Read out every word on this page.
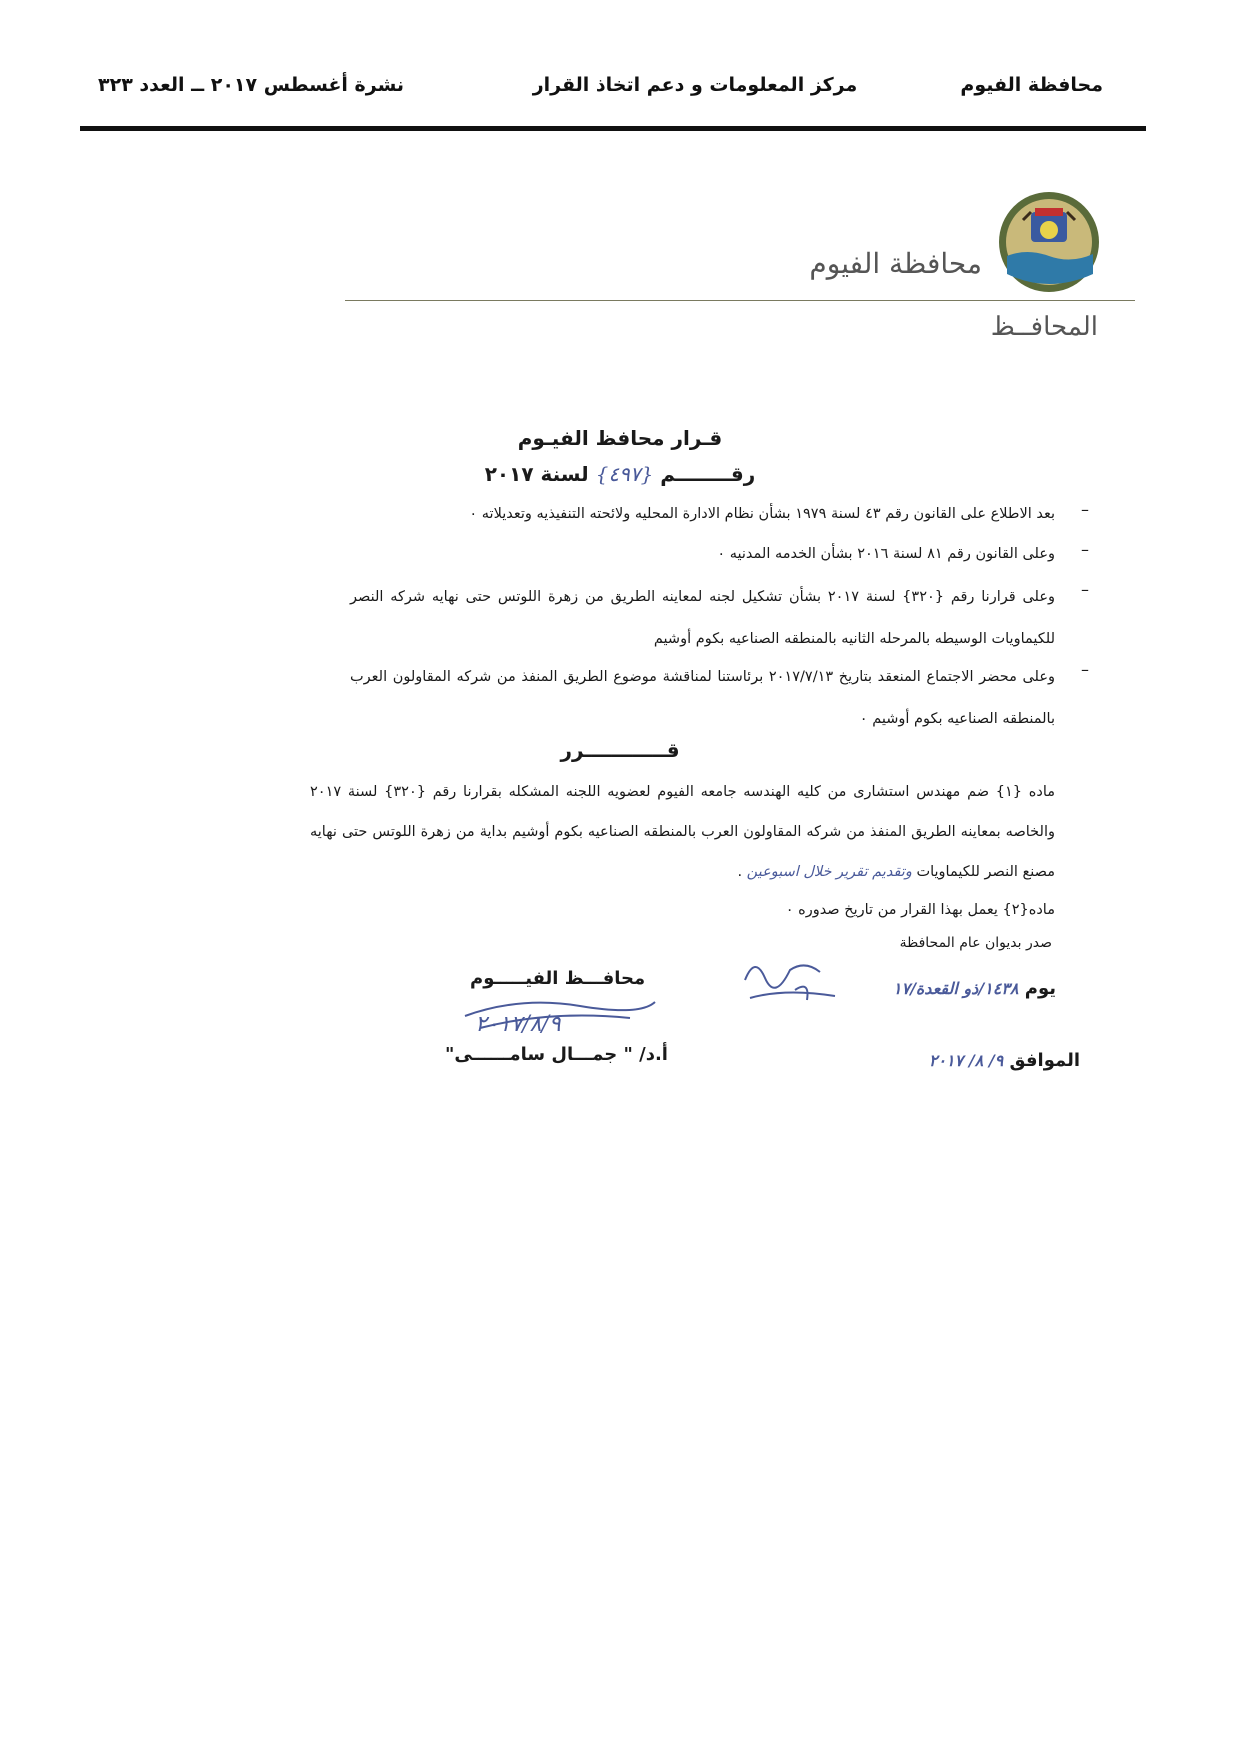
محافظة الفيوم
مركز المعلومات و دعم اتخاذ القرار
نشرة أغسطس ٢٠١٧ ــ العدد ٣٢٣
محافظة الفيوم
المحافــظ
قـرار محافظ الفيـوم
رقــــــــم {٤٩٧} لسنة ٢٠١٧
–
بعد الاطلاع على القانون رقم ٤٣ لسنة ١٩٧٩ بشأن نظام الادارة المحليه ولائحته التنفيذيه وتعديلاته ٠
–
وعلى القانون رقم ٨١ لسنة ٢٠١٦ بشأن الخدمه المدنيه ٠
–
وعلى قرارنا رقم {٣٢٠} لسنة ٢٠١٧ بشأن تشكيل لجنه لمعاينه الطريق من زهرة اللوتس حتى نهايه شركه النصر للكيماويات الوسيطه بالمرحله الثانيه بالمنطقه الصناعيه بكوم أوشيم
–
وعلى محضر الاجتماع المنعقد بتاريخ ٢٠١٧/٧/١٣ برئاستنا لمناقشة موضوع الطريق المنفذ من شركه المقاولون العرب بالمنطقه الصناعيه بكوم أوشيم ٠
قــــــــــــرر
ماده {١} ضم مهندس استشارى من كليه الهندسه جامعه الفيوم لعضويه اللجنه المشكله بقرارنا رقم {٣٢٠} لسنة ٢٠١٧ والخاصه بمعاينه الطريق المنفذ من شركه المقاولون العرب بالمنطقه الصناعيه بكوم أوشيم بداية من زهرة اللوتس حتى نهايه مصنع النصر للكيماويات وتقديم تقرير خلال اسبوعين .
ماده{٢} يعمل بهذا القرار من تاريخ صدوره ٠
صدر بديوان عام المحافظة
يوم ١٤٣٨/ذو القعدة/١٧
الموافق ٩/ ٨/ ٢٠١٧
محافـــظ الفيـــــوم
٢٠١٧/٨/٩
أ.د/ " جمـــال سامــــــى"
